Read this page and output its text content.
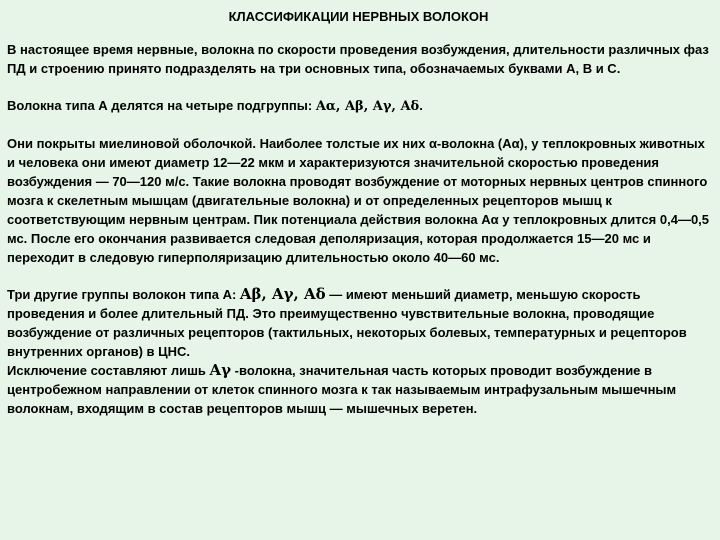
КЛАССИФИКАЦИИ НЕРВНЫХ ВОЛОКОН

В настоящее время нервные, волокна по скорости проведения возбуждения, длительности различных фаз ПД и строению принято подразделять на три основных типа, обозначаемых буквами А, В и С.

Волокна типа А делятся на четыре подгруппы: Aα, Aβ, Aγ, Aδ.

Они покрыты миелиновой оболочкой. Наиболее толстые их них α-волокна (Aα), у теплокровных животных и человека они имеют диаметр 12—22 мкм и характеризуются значительной скоростью проведения возбуждения — 70—120 м/с. Такие волокна проводят возбуждение от моторных нервных центров спинного мозга к скелетным мышцам (двигательные волокна) и от определенных рецепторов мышц к соответствующим нервным центрам. Пик потенциала действия волокна Аα у теплокровных длится 0,4—0,5 мс. После его окончания развивается следовая деполяризация, которая продолжается 15—20 мс и переходит в следовую гиперполяризацию длительностью около 40—60 мс.

Три другие группы волокон типа А: Aβ, Aγ, Aδ — имеют меньший диаметр, меньшую скорость проведения и более длительный ПД. Это преимущественно чувствительные волокна, проводящие возбуждение от различных рецепторов (тактильных, некоторых болевых, температурных и рецепторов внутренних органов) в ЦНС.

Исключение составляют лишь Aγ -волокна, значительная часть которых проводит возбуждение в центробежном направлении от клеток спинного мозга к так называемым интрафузальным мышечным волокнам, входящим в состав рецепторов мышц — мышечных веретен.
